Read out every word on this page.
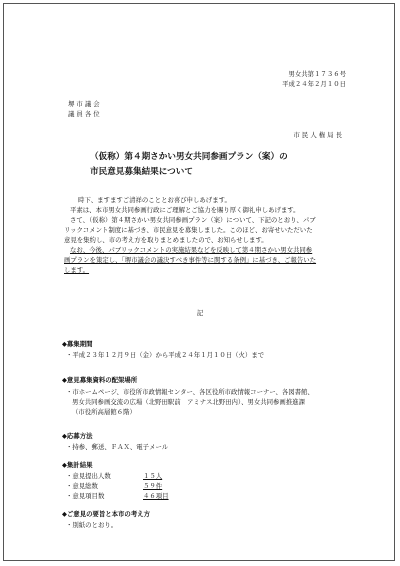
男女共第１７３６号
平成２４年２月１０日
堺 市 議 会
議 員 各 位
市 民 人 権 局 長
（仮称）第４期さかい男女共同参画プラン（案）の
市民意見募集結果について
時下、ますますご清祥のこととお喜び申しあげます。
平素は、本市男女共同参画行政にご理解とご協力を賜り厚く御礼申しあげます。
さて、（仮称）第４期さかい男女共同参画プラン（案）について、下記のとおり、パブ
リックコメント制度に基づき、市民意見を募集しました。このほど、お寄せいただいた
意見を集約し、市の考え方を取りまとめましたので、お知らせします。
なお、今後、パブリックコメントの実施結果などを反映して第４期さかい男女共同参
画プランを策定し、「堺市議会の議決すべき事件等に関する条例」に基づき、ご報告いた
します。
記
◆募集期間
・平成２３年１２月９日（金）から平成２４年１月１０日（火）まで
◆意見募集資料の配架場所
・市ホームページ、市役所市政情報センター、各区役所市政情報コーナー、各図書館、
男女共同参画交流の広場（北野田駅前　アミナス北野田内）、男女共同参画推進課
（市役所高層館６階）
◆応募方法
・持参、郵送、ＦＡＸ、電子メール
◆集計結果
・意見提出人数	１５人
・意見総数	５９件
・意見項目数	４６項目
◆ご意見の要旨と本市の考え方
・別紙のとおり。
